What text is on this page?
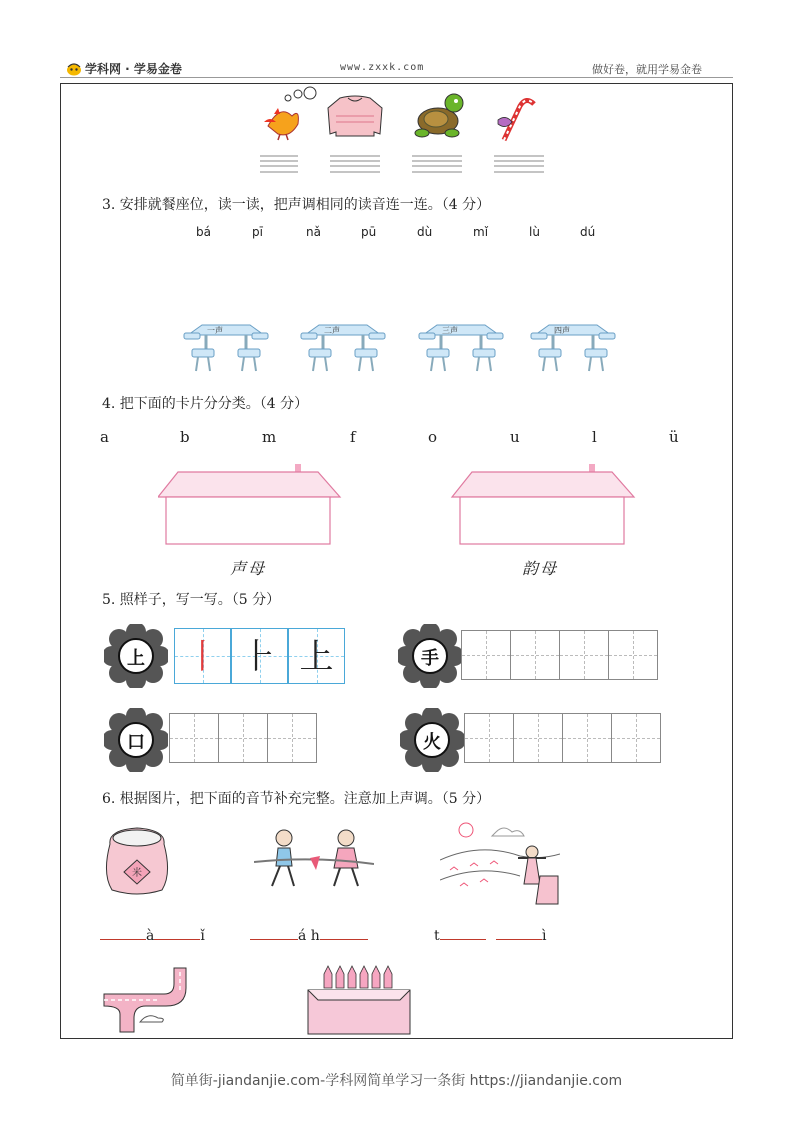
学科网 · 学易金卷	www.zxxk.com	做好卷，就用学易金卷
3. 安排就餐座位，读一读，把声调相同的读音连一连。（4 分）
bá	pī	nǎ	pū	dù	mǐ	lù	dú
一声	二声	三声	四声
4. 把下面的卡片分分类。（4 分）
a	b	m	f	o	u	l	ü
声母	韵母
5. 照样子，写一写。（5 分）
上	手
口	火
丨 ⺊ 上
6. 根据图片，把下面的音节补充完整。注意加上声调。（5 分）
米
à	ǐ	á h	t	ì
简单街-jiandanjie.com-学科网简单学习一条街 https://jiandanjie.com
